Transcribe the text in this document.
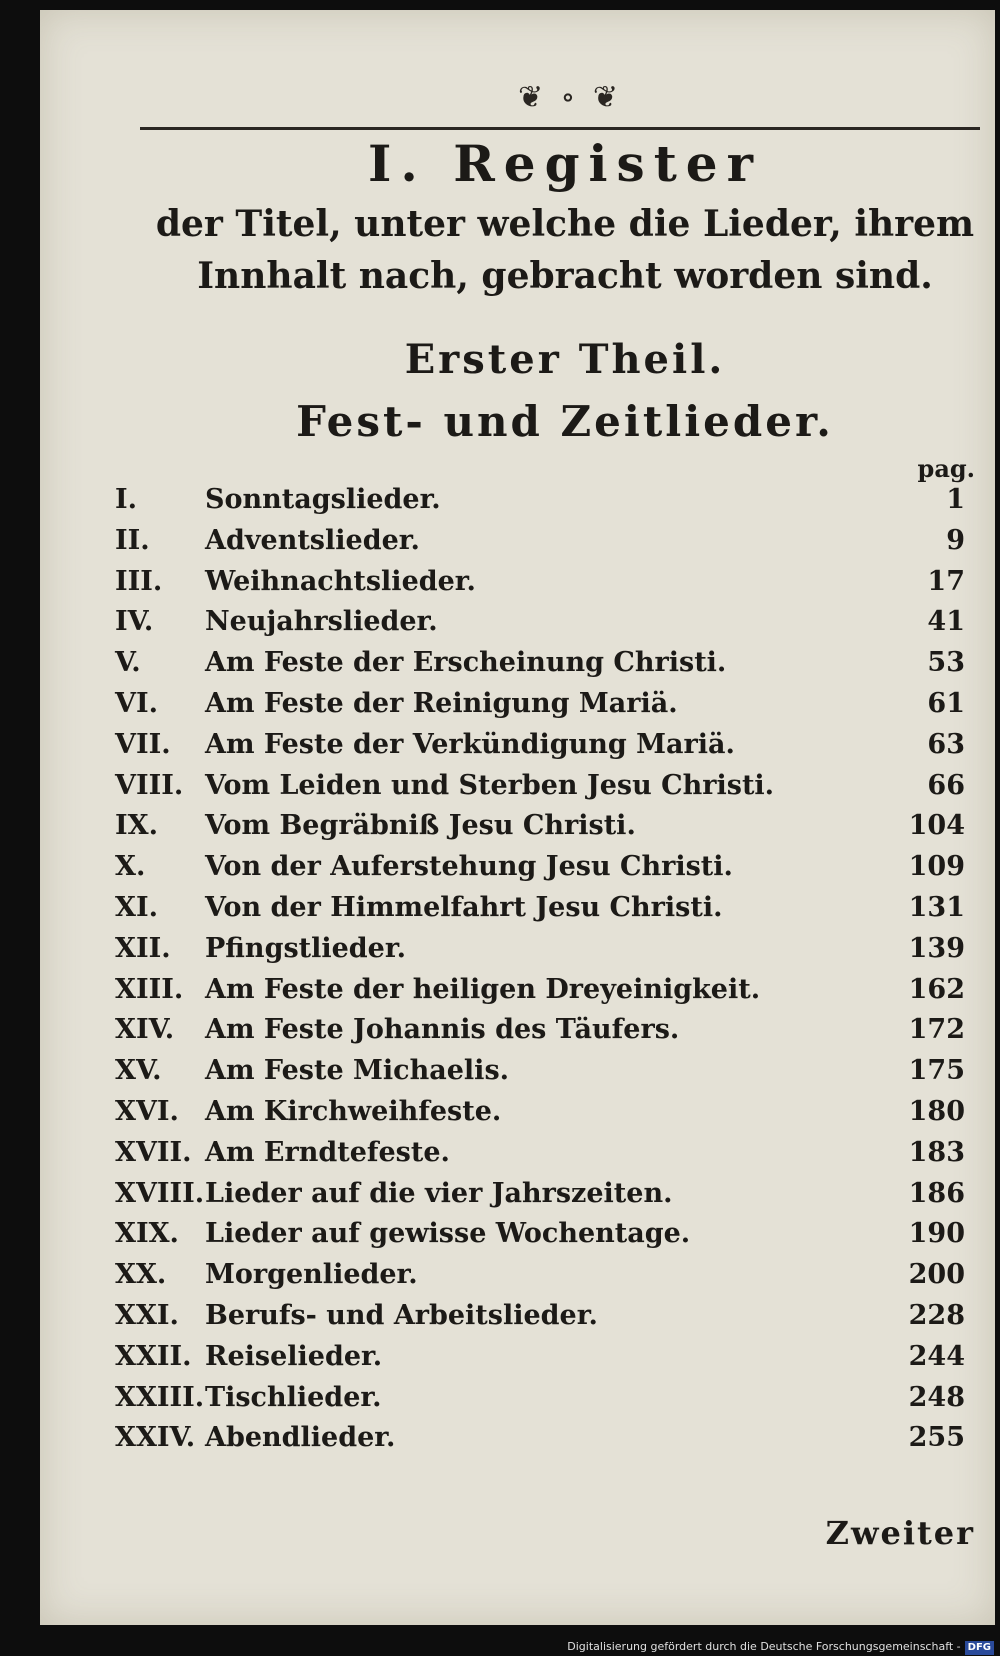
❦ ∘ ❦
I. Register
der Titel, unter welche die Lieder, ihrem
Innhalt nach, gebracht worden sind.
Erster Theil.
Fest- und Zeitlieder.
pag.
I.	Sonntagslieder.	1
II. Adventslieder.	9
III. Weihnachtslieder.	17
IV. Neujahrslieder.	41
V. Am Feste der Erscheinung Christi.	53
VI. Am Feste der Reinigung Mariä.	61
VII. Am Feste der Verkündigung Mariä.	63
VIII. Vom Leiden und Sterben Jesu Christi.	66
IX. Vom Begräbniß Jesu Christi.	104
X. Von der Auferstehung Jesu Christi.	109
XI. Von der Himmelfahrt Jesu Christi.	131
XII. Pfingstlieder.	139
XIII. Am Feste der heiligen Dreyeinigkeit.	162
XIV. Am Feste Johannis des Täufers.	172
XV. Am Feste Michaelis.	175
XVI. Am Kirchweihfeste.	180
XVII. Am Erndtefeste.	183
XVIII. Lieder auf die vier Jahrszeiten.	186
XIX. Lieder auf gewisse Wochentage.	190
XX. Morgenlieder.	200
XXI. Berufs- und Arbeitslieder.	228
XXII. Reiselieder.	244
XXIII. Tischlieder.	248
XXIV. Abendlieder.	255
Zweiter
Digitalisierung gefördert durch die Deutsche Forschungsgemeinschaft - DFG
